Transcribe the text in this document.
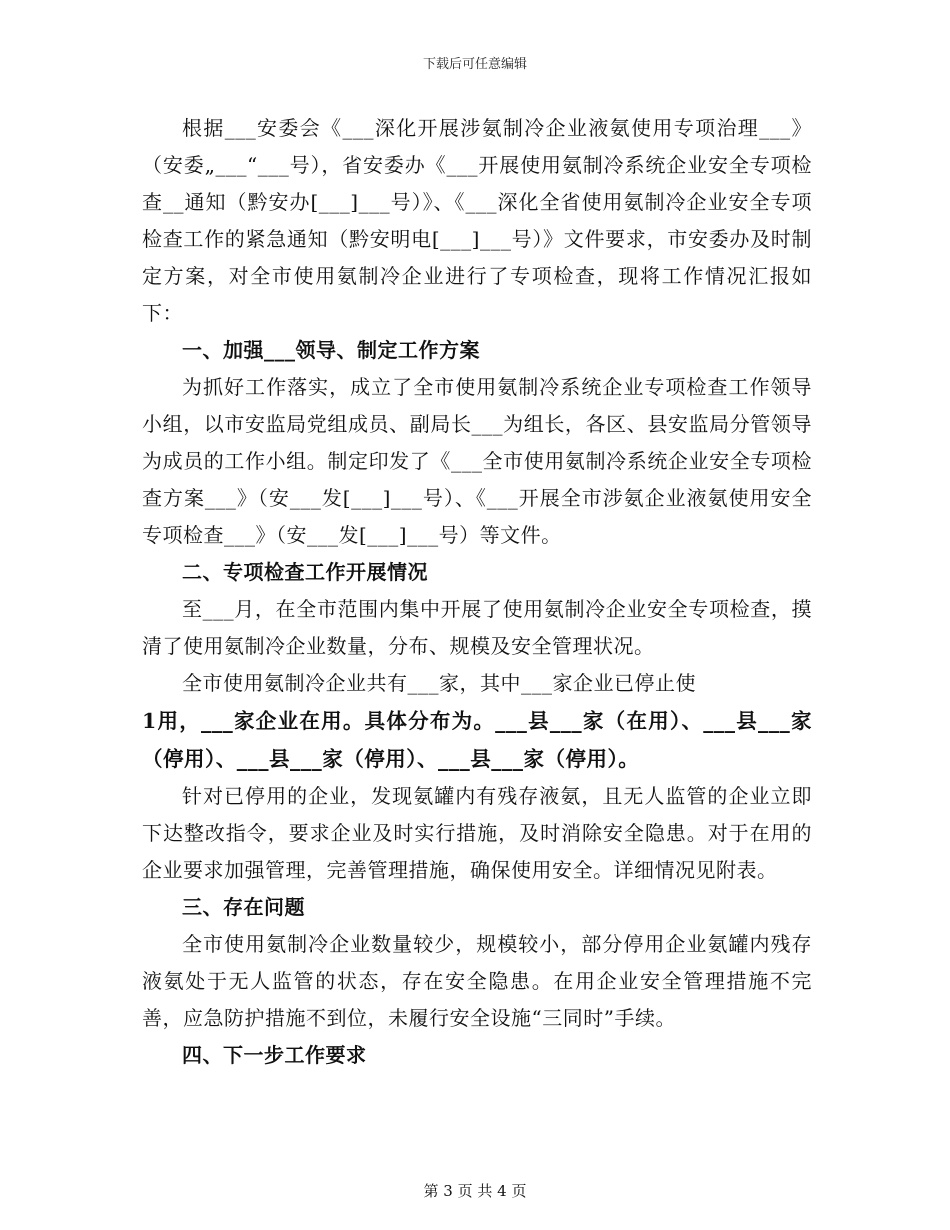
下载后可任意编辑

根据___安委会《___深化开展涉氨制冷企业液氨使用专项治理___》（安委„___“___号），省安委办《___开展使用氨制冷系统企业安全专项检查__通知（黔安办[___]___号）》、《___深化全省使用氨制冷企业安全专项检查工作的紧急通知（黔安明电[___]___号）》文件要求，市安委办及时制定方案，对全市使用氨制冷企业进行了专项检查，现将工作情况汇报如下：

一、加强___领导、制定工作方案

为抓好工作落实，成立了全市使用氨制冷系统企业专项检查工作领导小组，以市安监局党组成员、副局长___为组长，各区、县安监局分管领导为成员的工作小组。制定印发了《___全市使用氨制冷系统企业安全专项检查方案___》（安___发[___]___号）、《___开展全市涉氨企业液氨使用安全专项检查___》（安___发[___]___号）等文件。

二、专项检查工作开展情况

至___月，在全市范围内集中开展了使用氨制冷企业安全专项检查，摸清了使用氨制冷企业数量，分布、规模及安全管理状况。

全市使用氨制冷企业共有___家，其中___家企业已停止使

1用，___家企业在用。具体分布为。___县___家（在用）、___县___家（停用）、___县___家（停用）、___县___家（停用）。

针对已停用的企业，发现氨罐内有残存液氨，且无人监管的企业立即下达整改指令，要求企业及时实行措施，及时消除安全隐患。对于在用的企业要求加强管理，完善管理措施，确保使用安全。详细情况见附表。

三、存在问题

全市使用氨制冷企业数量较少，规模较小，部分停用企业氨罐内残存液氨处于无人监管的状态，存在安全隐患。在用企业安全管理措施不完善，应急防护措施不到位，未履行安全设施“三同时”手续。

四、下一步工作要求

第 3 页 共 4 页
